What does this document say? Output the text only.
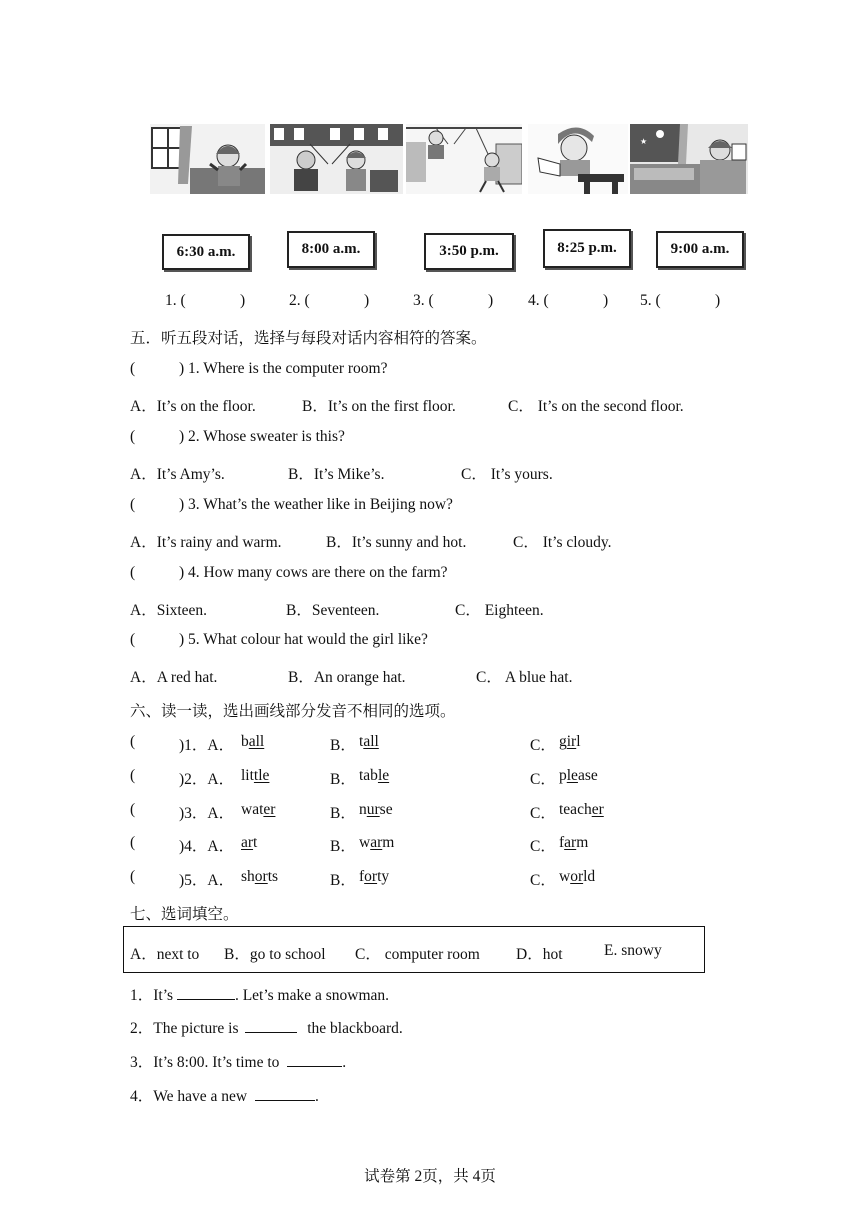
★
6:30 a.m.	8:00 a.m.	3:50 p.m.	8:25 p.m.	9:00 a.m.
1. (	)	2. (	)	3. (	) 4. (	) 5. (	)
五．听五段对话，选择与每段对话内容相符的答案。
(	) 1. Where is the computer room?
A．It’s on the floor.	B．It’s on the first floor.	C． It’s on the second floor.
(	) 2. Whose sweater is this?
A．It’s Amy’s.	B．It’s Mike’s.	C． It’s yours.
(	) 3. What’s the weather like in Beijing now?
A．It’s rainy and warm.	B．It’s sunny and hot.	C． It’s cloudy.
(	) 4. How many cows are there on the farm?
A．Sixteen.	B．Seventeen.	C． Eighteen.
(	) 5. What colour hat would the girl like?
A．A red hat.	B．An orange hat.	C． A blue hat.
六、读一读，选出画线部分发音不相同的选项。
(	)1．A． ball	B． tall	C． girl
(	)2．A． little	B． table	C． please
(	)3．A． water	B． nurse	C． teacher
(	)4．A． art	B． warm	C． farm
(	)5．A． shorts	B． forty	C． world
七、选词填空。
A．next to B．go to school C． computer room D．hot	E. snowy
1．It’s	. Let’s make a snowman.
2．The picture is	the blackboard.
3．It’s 8:00. It’s time to	.
4．We have a new	.
试卷第 2页，共 4页
